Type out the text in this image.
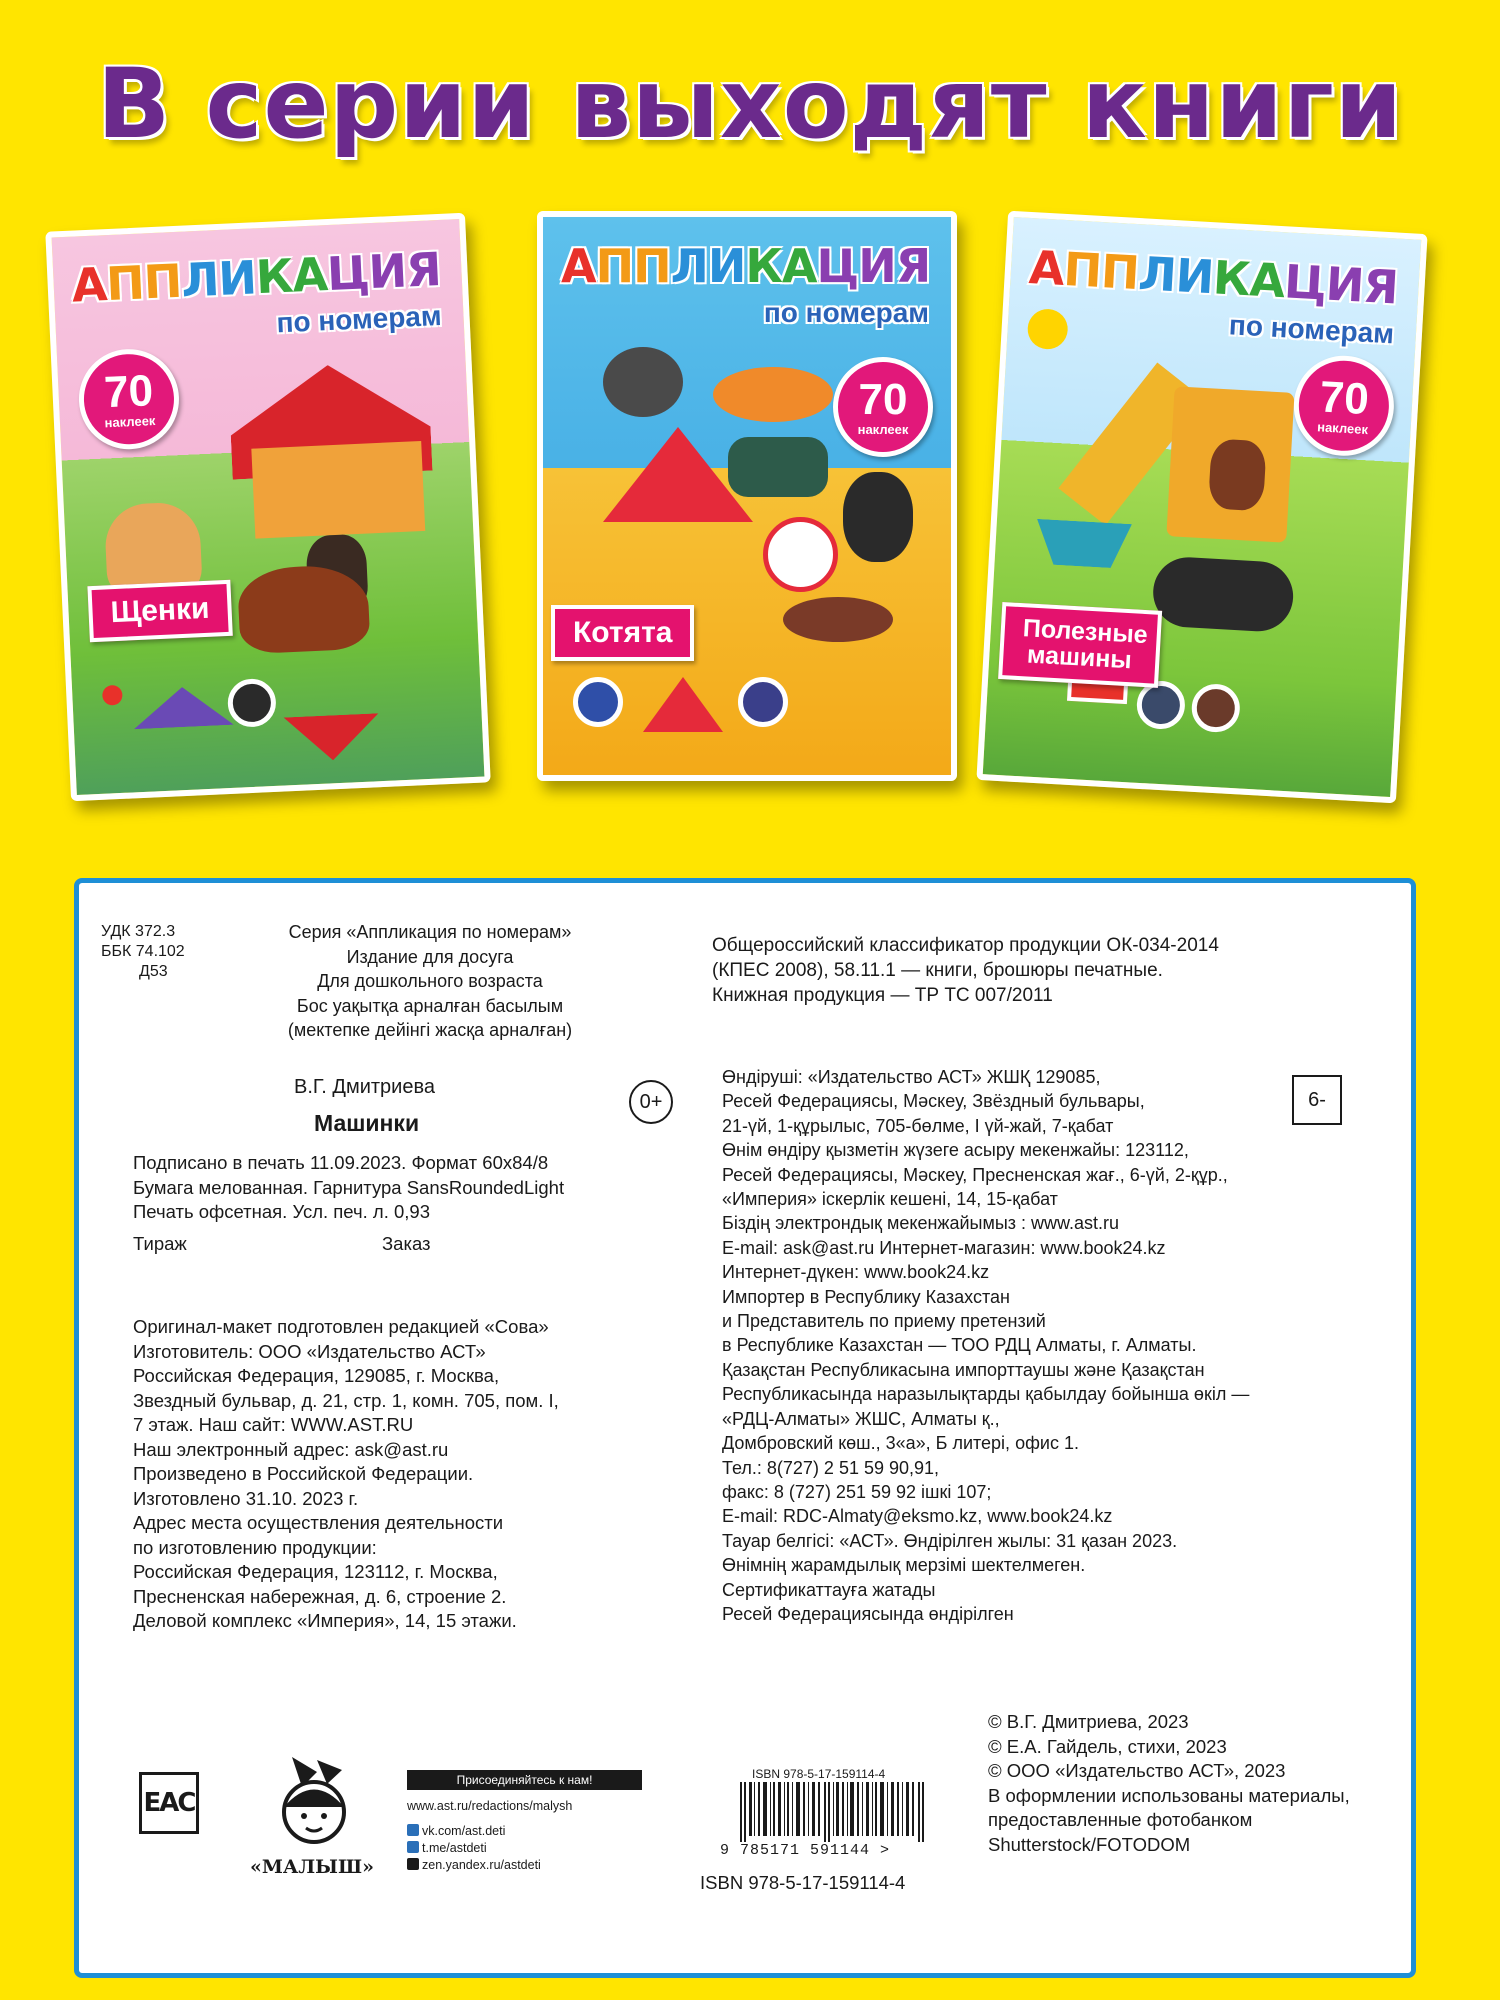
В серии выходят книги
АППЛИКАЦИЯ
по номерам
70
наклеек
Щенки
АППЛИКАЦИЯ
по номерам
70
наклеек
Котята
АППЛИКАЦИЯ
по номерам
70
наклеек
Полезные машины
УДК 372.3
ББК 74.102
Д53
Серия «Аппликация по номерам»
Издание для досуга
Для дошкольного возраста
Бос уақытқа арналған басылым
(мектепке дейінгі жасқа арналған)
Общероссийский классификатор продукции ОК-034-2014
(КПЕС 2008), 58.11.1 — книги, брошюры печатные.
Книжная продукция — ТР ТС 007/2011
В.Г. Дмитриева
0+
Машинки
Подписано в печать 11.09.2023. Формат 60х84/8
Бумага мелованная. Гарнитура SansRoundedLight
Печать офсетная. Усл. печ. л. 0,93
Тираж	Заказ
Оригинал-макет подготовлен редакцией «Сова»
Изготовитель: ООО «Издательство АСТ»
Российская Федерация, 129085, г. Москва,
Звездный бульвар, д. 21, стр. 1, комн. 705, пом. I,
7 этаж. Наш сайт: WWW.AST.RU
Наш электронный адрес: ask@ast.ru
Произведено в Российской Федерации.
Изготовлено 31.10. 2023 г.
Адрес места осуществления деятельности
по изготовлению продукции:
Российская Федерация, 123112, г. Москва,
Пресненская набережная, д. 6, строение 2.
Деловой комплекс «Империя», 14, 15 этажи.
6-
Өндіруші: «Издательство АСТ» ЖШҚ 129085,
Ресей Федерациясы, Мәскеу, Звёздный бульвары,
21-үй, 1-құрылыс, 705-бөлме, I үй-жай, 7-қабат
Өнім өндіру қызметін жүзеге асыру мекенжайы: 123112,
Ресей Федерациясы, Мәскеу, Пресненская жағ., 6-үй, 2-құр.,
«Империя» іскерлік кешені, 14, 15-қабат
Біздің электрондық мекенжайымыз : www.ast.ru
E-mail: ask@ast.ru Интернет-магазин: www.book24.kz
Интернет-дүкен: www.book24.kz
Импортер в Республику Казахстан
и Представитель по приему претензий
в Республике Казахстан — ТОО РДЦ Алматы, г. Алматы.
Қазақстан Республикасына импорттаушы және Қазақстан
Республикасында наразылықтарды қабылдау бойынша өкіл —
«РДЦ-Алматы» ЖШС, Алматы қ.,
Домбровский көш., 3«а», Б литері, офис 1.
Тел.: 8(727) 2 51 59 90,91,
факс: 8 (727) 251 59 92 ішкі 107;
E-mail: RDC-Almaty@eksmo.kz, www.book24.kz
Тауар белгісі: «АСТ». Өндірілген жылы: 31 қазан 2023.
Өнімнің жарамдылық мерзімі шектелмеген.
Сертификаттауға жатады
Ресей Федерациясында өндірілген
© В.Г. Дмитриева, 2023
© Е.А. Гайдель, стихи, 2023
© ООО «Издательство АСТ», 2023
В оформлении использованы материалы,
предоставленные фотобанком
Shutterstock/FOTODOM
ЕАС
«МАЛЫШ»
Присоединяйтесь к нам!
www.ast.ru/redactions/malysh
vk.com/ast.deti
t.me/astdeti
zen.yandex.ru/astdeti
ISBN 978-5-17-159114-4
9 785171 591144 >
ISBN 978-5-17-159114-4
